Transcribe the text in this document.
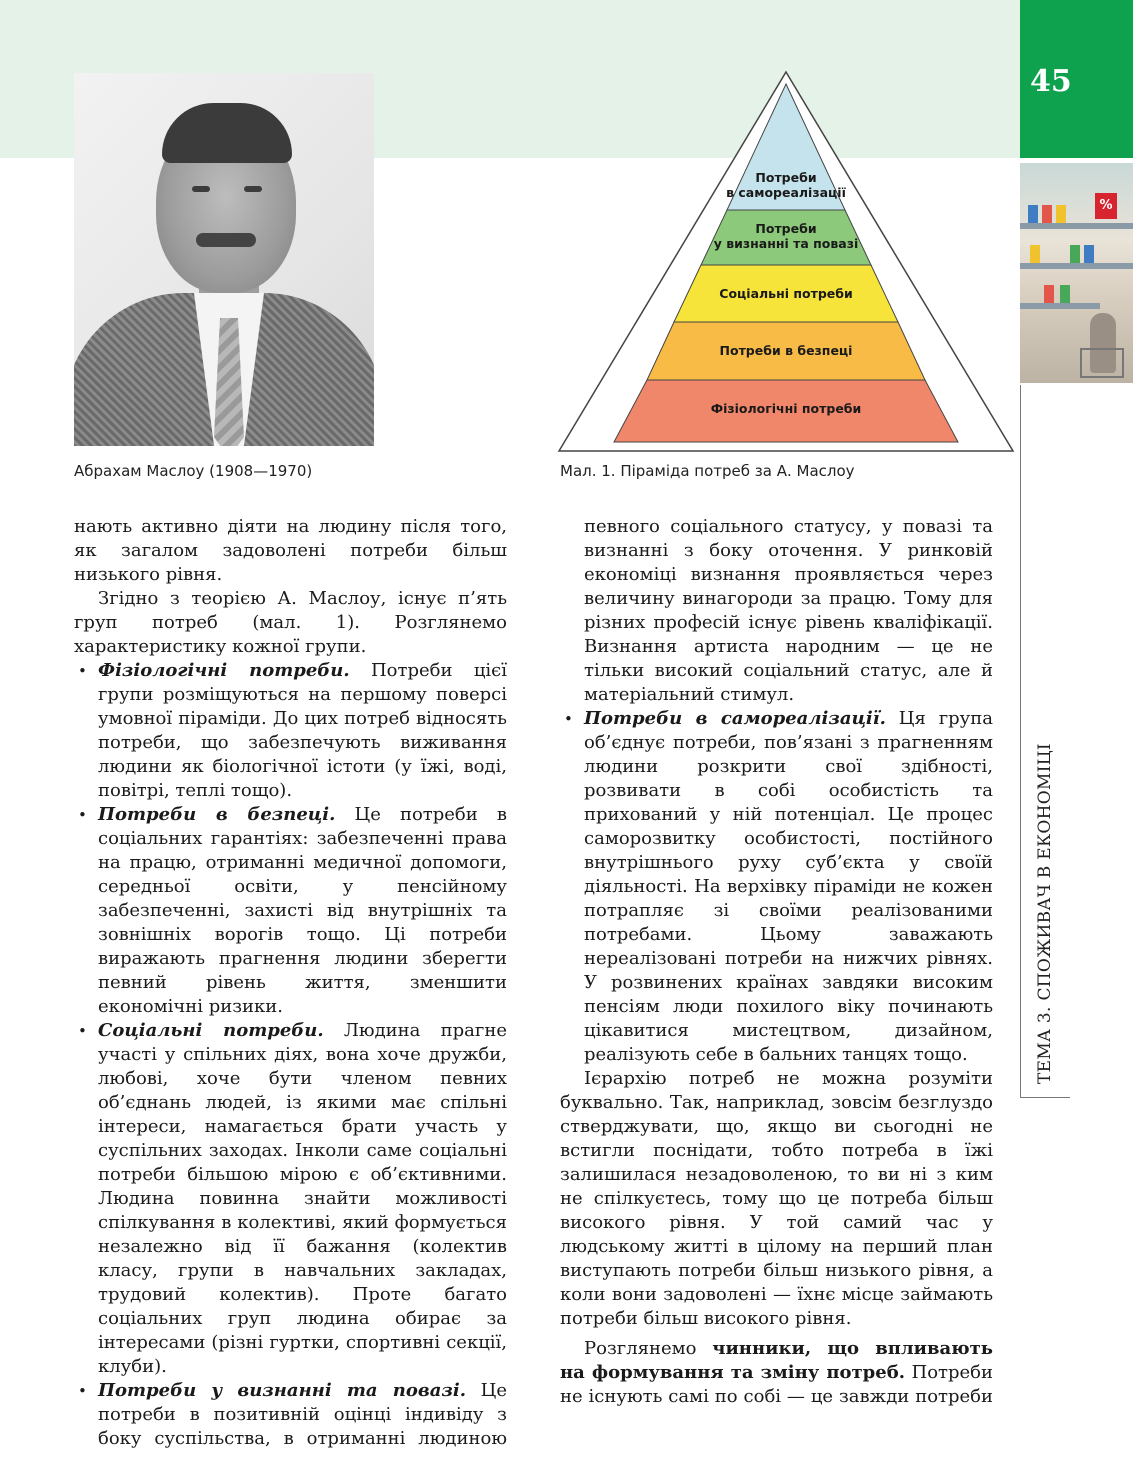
45
%
ТЕМА 3. СПОЖИВАЧ В ЕКОНОМІЦІ
Абрахам Маслоу (1908—1970)
Потреби
в самореалізації
Потреби
у визнанні та повазі
Соціальні потреби
Потреби в безпеці
Фізіологічні потреби
Мал. 1. Піраміда потреб за А. Маслоу

нають активно діяти на людину після того, як загалом задоволені потреби більш низького рівня.

Згідно з теорією А. Маслоу, існує п’ять груп потреб (мал. 1). Розглянемо характеристику кожної групи.

• Фізіологічні потреби. Потреби цієї групи розміщуються на першому поверсі умовної піраміди. До цих потреб відносять потреби, що забезпечують виживання людини як біологічної істоти (у їжі, воді, повітрі, теплі тощо).

• Потреби в безпеці. Це потреби в соціальних гарантіях: забезпеченні права на працю, отриманні медичної допомоги, середньої освіти, у пенсійному забезпеченні, захисті від внутрішніх та зовнішніх ворогів тощо. Ці потреби виражають прагнення людини зберегти певний рівень життя, зменшити економічні ризики.

• Соціальні потреби. Людина прагне участі у спільних діях, вона хоче дружби, любові, хоче бути членом певних об’єднань людей, із якими має спільні інтереси, намагається брати участь у суспільних заходах. Інколи саме соціальні потреби більшою мірою є об’єктивними. Людина повинна знайти можливості спілкування в колективі, який формується незалежно від її бажання (колектив класу, групи в навчальних закладах, трудовий колектив). Проте багато соціальних груп людина обирає за інтересами (різні гуртки, спортивні секції, клуби).

• Потреби у визнанні та повазі. Це потреби в позитивній оцінці індивіду з боку суспільства, в отриманні людиною

певного соціального статусу, у повазі та визнанні з боку оточення. У ринковій економіці визнання проявляється через величину винагороди за працю. Тому для різних професій існує рівень кваліфікації. Визнання артиста народним — це не тільки високий соціальний статус, але й матеріальний стимул.

• Потреби в самореалізації. Ця група об’єднує потреби, пов’язані з прагненням людини розкрити свої здібності, розвивати в собі особистість та прихований у ній потенціал. Це процес саморозвитку особистості, постійного внутрішнього руху суб’єкта у своїй діяльності. На верхівку піраміди не кожен потрапляє зі своїми реалізованими потребами. Цьому заважають нереалізовані потреби на нижчих рівнях. У розвинених країнах завдяки високим пенсіям люди похилого віку починають цікавитися мистецтвом, дизайном, реалізують себе в бальних танцях тощо.

Ієрархію потреб не можна розуміти буквально. Так, наприклад, зовсім безглуздо стверджувати, що, якщо ви сьогодні не встигли поснідати, тобто потреба в їжі залишилася незадоволеною, то ви ні з ким не спілкуєтесь, тому що це потреба більш високого рівня. У той самий час у людському житті в цілому на перший план виступають потреби більш низького рівня, а коли вони задоволені — їхнє місце займають потреби більш високого рівня.

Розглянемо чинники, що впливають на формування та зміну потреб. Потреби не існують самі по собі — це завжди потреби
